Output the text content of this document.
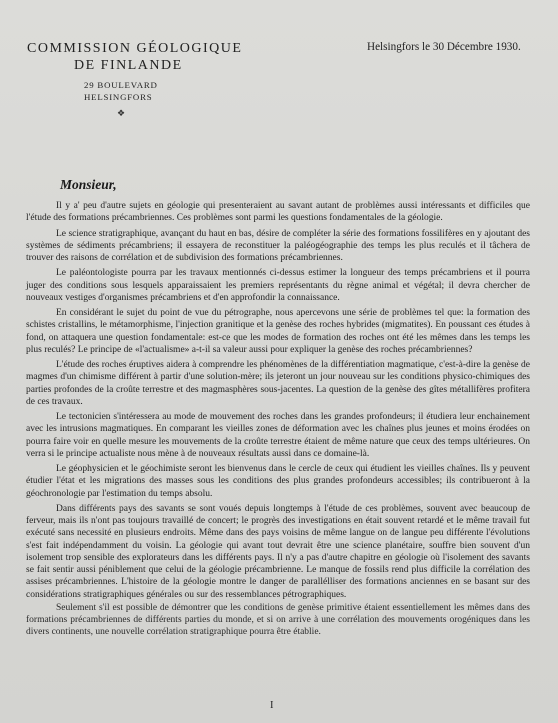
COMMISSION GÉOLOGIQUE
DE FINLANDE
29 BOULEVARD
HELSINGFORS
❖
Helsingfors le 30 Décembre 1930.
Monsieur,

Il y a' peu d'autre sujets en géologie qui presenteraient au savant autant de problèmes aussi intéressants et difficiles que l'étude des formations précambriennes. Ces problèmes sont parmi les questions fondamentales de la géologie.

Le science stratigraphique, avançant du haut en bas, désire de compléter la série des formations fossilifères en y ajoutant des systèmes de sédiments précambriens; il essayera de reconstituer la paléogéographie des temps les plus reculés et il tâchera de trouver des raisons de corrélation et de subdivision des formations précambriennes.

Le paléontologiste pourra par les travaux mentionnés ci-dessus estimer la longueur des temps précambriens et il pourra juger des conditions sous lesquels apparaissaient les premiers représentants du règne animal et végétal; il devra chercher de nouveaux vestiges d'organismes précambriens et d'en approfondir la connaissance.

En considérant le sujet du point de vue du pétrographe, nous apercevons une série de problèmes tel que: la formation des schistes cristallins, le métamorphisme, l'injection granitique et la genèse des roches hybrides (migmatites). En poussant ces études à fond, on attaquera une question fondamentale: est-ce que les modes de formation des roches ont été les mêmes dans les temps les plus reculés? Le principe de «l'actualisme» a-t-il sa valeur aussi pour expliquer la genèse des roches précambriennes?

L'étude des roches éruptives aidera à comprendre les phénomènes de la différentiation magmatique, c'est-à-dire la genèse de magmes d'un chimisme différent à partir d'une solution-mère; ils jeteront un jour nouveau sur les conditions physico-chimiques des parties profondes de la croûte terrestre et des magmasphères sous-jacentes. La question de la genèse des gîtes métallifères profitera de ces travaux.

Le tectonicien s'intéressera au mode de mouvement des roches dans les grandes profondeurs; il étudiera leur enchainement avec les intrusions magmatiques. En comparant les vieilles zones de déformation avec les chaînes plus jeunes et moins érodées on pourra faire voir en quelle mesure les mouvements de la croûte terrestre étaient de même nature que ceux des temps ultérieures. On verra si le principe actualiste nous mène à de nouveaux résultats aussi dans ce domaine-là.

Le géophysicien et le géochimiste seront les bienvenus dans le cercle de ceux qui étudient les vieilles chaînes. Ils y peuvent étudier l'état et les migrations des masses sous les conditions des plus grandes profondeurs accessibles; ils contribueront à la géochronologie par l'estimation du temps absolu.

Dans différents pays des savants se sont voués depuis longtemps à l'étude de ces problèmes, souvent avec beaucoup de ferveur, mais ils n'ont pas toujours travaillé de concert; le progrès des investigations en était souvent retardé et le même travail fut exécuté sans necessité en plusieurs endroits. Même dans des pays voisins de même langue on de langue peu différente l'évolutions s'est fait indépendamment du voisin. La géologie qui avant tout devrait être une science planétaire, souffre bien souvent d'un isolement trop sensible des explorateurs dans les différents pays. Il n'y a pas d'autre chapitre en géologie où l'isolement des savants se fait sentir aussi péniblement que celui de la géologie précambrienne. Le manque de fossils rend plus difficile la corrélation des assises précambriennes. L'histoire de la géologie montre le danger de parallélliser des formations anciennes en se basant sur des considérations stratigraphiques générales ou sur des ressemblances pétrographiques.

Seulement s'il est possible de démontrer que les conditions de genèse primitive étaient essentiellement les mêmes dans des formations précambriennes de différents parties du monde, et si on arrive à une corrélation des mouvements orogéniques dans les divers continents, une nouvelle corrélation stratigraphique pourra être établie.

I
